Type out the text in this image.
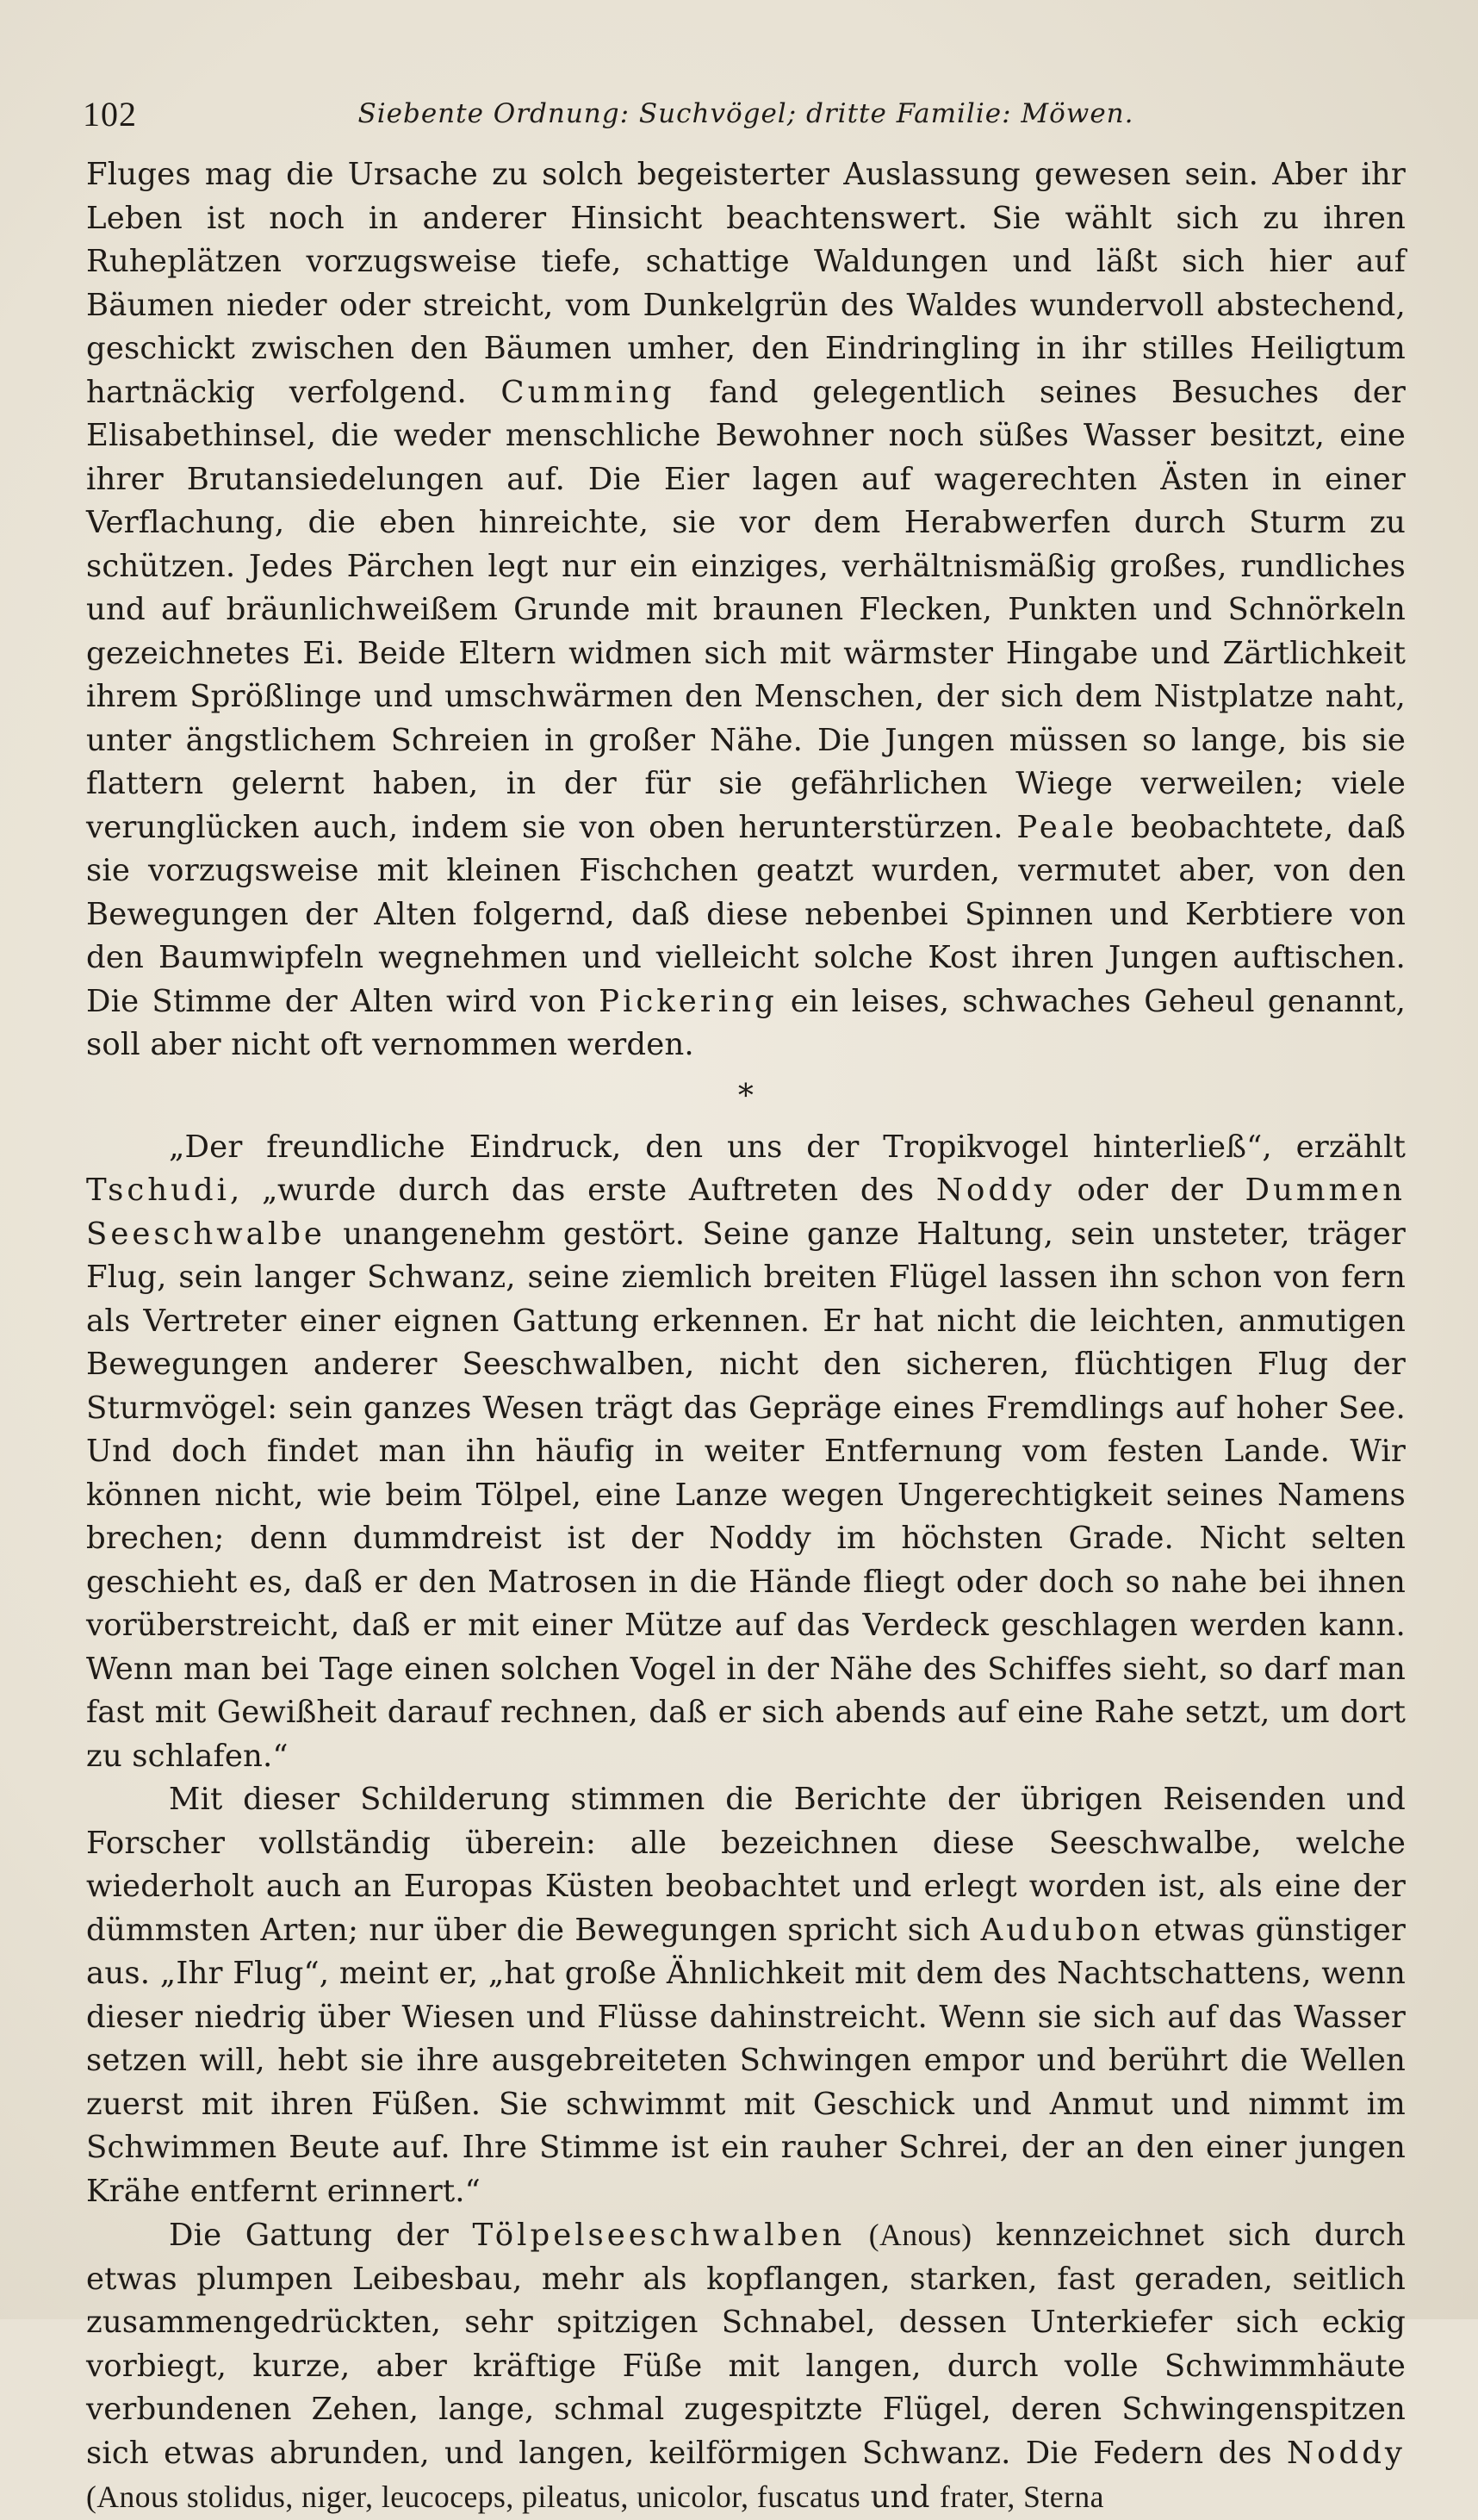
102	Siebente Ordnung: Suchvögel; dritte Familie: Möwen.

Fluges mag die Ursache zu solch begeisterter Auslassung gewesen sein. Aber ihr Leben ist noch in anderer Hinsicht beachtenswert. Sie wählt sich zu ihren Ruheplätzen vorzugsweise tiefe, schattige Waldungen und läßt sich hier auf Bäumen nieder oder streicht, vom Dunkelgrün des Waldes wundervoll abstechend, geschickt zwischen den Bäumen umher, den Eindringling in ihr stilles Heiligtum hartnäckig verfolgend. Cumming fand gelegentlich seines Besuches der Elisabethinsel, die weder menschliche Bewohner noch süßes Wasser besitzt, eine ihrer Brutansiedelungen auf. Die Eier lagen auf wagerechten Ästen in einer Verflachung, die eben hinreichte, sie vor dem Herabwerfen durch Sturm zu schützen. Jedes Pärchen legt nur ein einziges, verhältnismäßig großes, rundliches und auf bräunlichweißem Grunde mit braunen Flecken, Punkten und Schnörkeln gezeichnetes Ei. Beide Eltern widmen sich mit wärmster Hingabe und Zärtlichkeit ihrem Sprößlinge und umschwärmen den Menschen, der sich dem Nistplatze naht, unter ängstlichem Schreien in großer Nähe. Die Jungen müssen so lange, bis sie flattern gelernt haben, in der für sie gefährlichen Wiege verweilen; viele verunglücken auch, indem sie von oben herunterstürzen. Peale beobachtete, daß sie vorzugsweise mit kleinen Fischchen geatzt wurden, vermutet aber, von den Bewegungen der Alten folgernd, daß diese nebenbei Spinnen und Kerbtiere von den Baumwipfeln wegnehmen und vielleicht solche Kost ihren Jungen auftischen. Die Stimme der Alten wird von Pickering ein leises, schwaches Geheul genannt, soll aber nicht oft vernommen werden.

*

„Der freundliche Eindruck, den uns der Tropikvogel hinterließ“, erzählt Tschudi, „wurde durch das erste Auftreten des Noddy oder der Dummen Seeschwalbe unangenehm gestört. Seine ganze Haltung, sein unsteter, träger Flug, sein langer Schwanz, seine ziemlich breiten Flügel lassen ihn schon von fern als Vertreter einer eignen Gattung erkennen. Er hat nicht die leichten, anmutigen Bewegungen anderer Seeschwalben, nicht den sicheren, flüchtigen Flug der Sturmvögel: sein ganzes Wesen trägt das Gepräge eines Fremdlings auf hoher See. Und doch findet man ihn häufig in weiter Entfernung vom festen Lande. Wir können nicht, wie beim Tölpel, eine Lanze wegen Ungerechtigkeit seines Namens brechen; denn dummdreist ist der Noddy im höchsten Grade. Nicht selten geschieht es, daß er den Matrosen in die Hände fliegt oder doch so nahe bei ihnen vorüberstreicht, daß er mit einer Mütze auf das Verdeck geschlagen werden kann. Wenn man bei Tage einen solchen Vogel in der Nähe des Schiffes sieht, so darf man fast mit Gewißheit darauf rechnen, daß er sich abends auf eine Rahe setzt, um dort zu schlafen.“

Mit dieser Schilderung stimmen die Berichte der übrigen Reisenden und Forscher vollständig überein: alle bezeichnen diese Seeschwalbe, welche wiederholt auch an Europas Küsten beobachtet und erlegt worden ist, als eine der dümmsten Arten; nur über die Bewegungen spricht sich Audubon etwas günstiger aus. „Ihr Flug“, meint er, „hat große Ähnlichkeit mit dem des Nachtschattens, wenn dieser niedrig über Wiesen und Flüsse dahinstreicht. Wenn sie sich auf das Wasser setzen will, hebt sie ihre ausgebreiteten Schwingen empor und berührt die Wellen zuerst mit ihren Füßen. Sie schwimmt mit Geschick und Anmut und nimmt im Schwimmen Beute auf. Ihre Stimme ist ein rauher Schrei, der an den einer jungen Krähe entfernt erinnert.“

Die Gattung der Tölpelseeschwalben (Anous) kennzeichnet sich durch etwas plumpen Leibesbau, mehr als kopflangen, starken, fast geraden, seitlich zusammengedrückten, sehr spitzigen Schnabel, dessen Unterkiefer sich eckig vorbiegt, kurze, aber kräftige Füße mit langen, durch volle Schwimmhäute verbundenen Zehen, lange, schmal zugespitzte Flügel, deren Schwingenspitzen sich etwas abrunden, und langen, keilförmigen Schwanz. Die Federn des Noddy (Anous stolidus, niger, leucoceps, pileatus, unicolor, fuscatus und frater, Sterna
